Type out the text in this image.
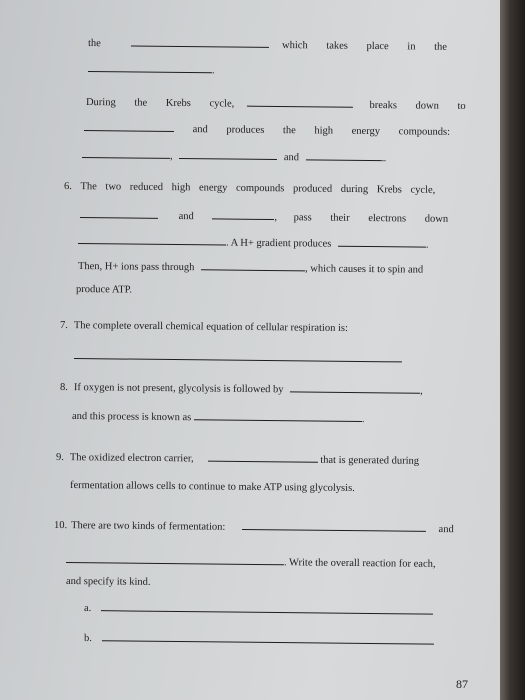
the	which takes place in the
.
During the Krebs cycle,	breaks down to
and produces the high energy compounds:
,	and	.
6. The two reduced high energy compounds produced during Krebs cycle,
and	, pass their electrons down
. A H+ gradient produces	.
Then, H+ ions pass through	, which causes it to spin and
produce ATP.
7. The complete overall chemical equation of cellular respiration is:
8. If oxygen is not present, glycolysis is followed by	,
and this process is known as	.
9. The oxidized electron carrier,	that is generated during
fermentation allows cells to continue to make ATP using glycolysis.
10. There are two kinds of fermentation:	and
. Write the overall reaction for each,
and specify its kind.
a.
b.
87
